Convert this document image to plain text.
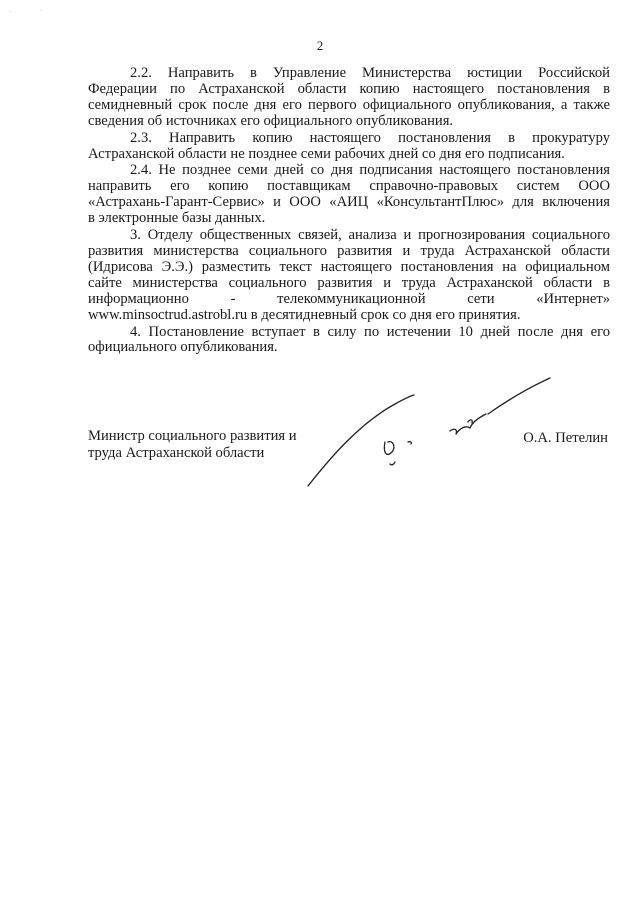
.	·
2
2.2. Направить в Управление Министерства юстиции Российской
Федерации по Астраханской области копию настоящего постановления в
семидневный срок после дня его первого официального опубликования, а также
сведения об источниках его официального опубликования.
2.3. Направить копию настоящего постановления в прокуратуру
Астраханской области не позднее семи рабочих дней со дня его подписания.
2.4. Не позднее семи дней со дня подписания настоящего постановления
направить его копию поставщикам справочно-правовых систем ООО
«Астрахань-Гарант-Сервис» и ООО «АИЦ «КонсультантПлюс» для включения
в электронные базы данных.
3. Отделу общественных связей, анализа и прогнозирования социального
развития министерства социального развития и труда Астраханской области
(Идрисова Э.Э.) разместить текст настоящего постановления на официальном
сайте министерства социального развития и труда Астраханской области в
информационно - телекоммуникационной сети «Интернет»
www.minsoctrud.astrobl.ru в десятидневный срок со дня его принятия.
4. Постановление вступает в силу по истечении 10 дней после дня его
официального опубликования.
Министр социального развития и
труда Астраханской области
О.А. Петелин
